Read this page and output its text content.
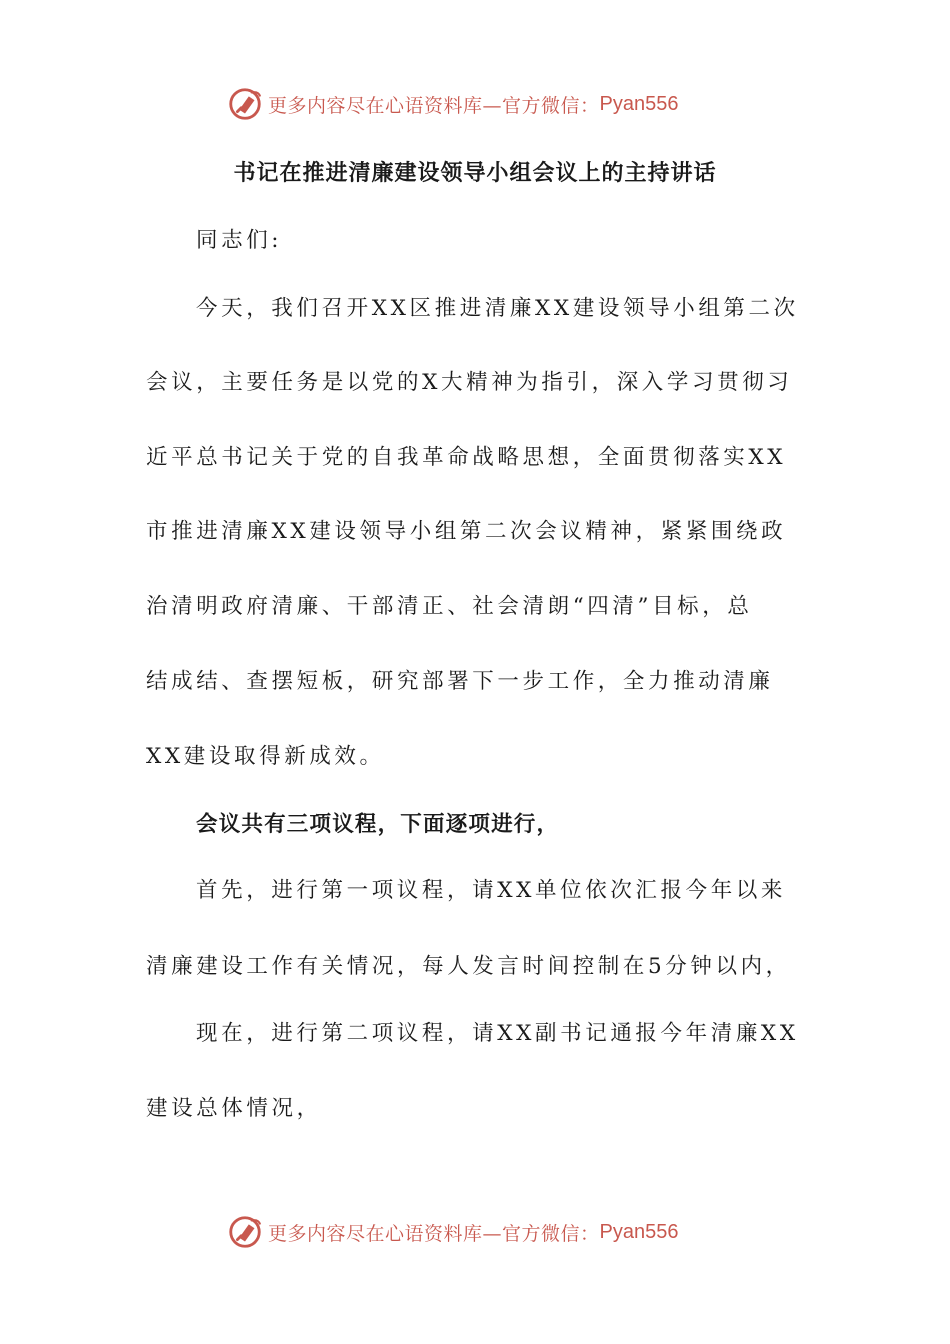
更多内容尽在心语资料库—官方微信： Pyan556
书记在推进清廉建设领导小组会议上的主持讲话

同志们:

今天，我们召开XX区推进清廉XX建设领导小组第二次

会议，主要任务是以党的X大精神为指引，深入学习贯彻习

近平总书记关于党的自我革命战略思想，全面贯彻落实XX

市推进清廉XX建设领导小组第二次会议精神，紧紧围绕政

治清明政府清廉、干部清正、社会清朗“四清”目标，总

结成结、查摆短板，研究部署下一步工作，全力推动清廉

XX建设取得新成效。

会议共有三项议程，下面逐项进行，

首先，进行第一项议程，请XX单位依次汇报今年以来

清廉建设工作有关情况，每人发言时间控制在5分钟以内，

现在，进行第二项议程，请XX副书记通报今年清廉XX

建设总体情况，

更多内容尽在心语资料库—官方微信： Pyan556
